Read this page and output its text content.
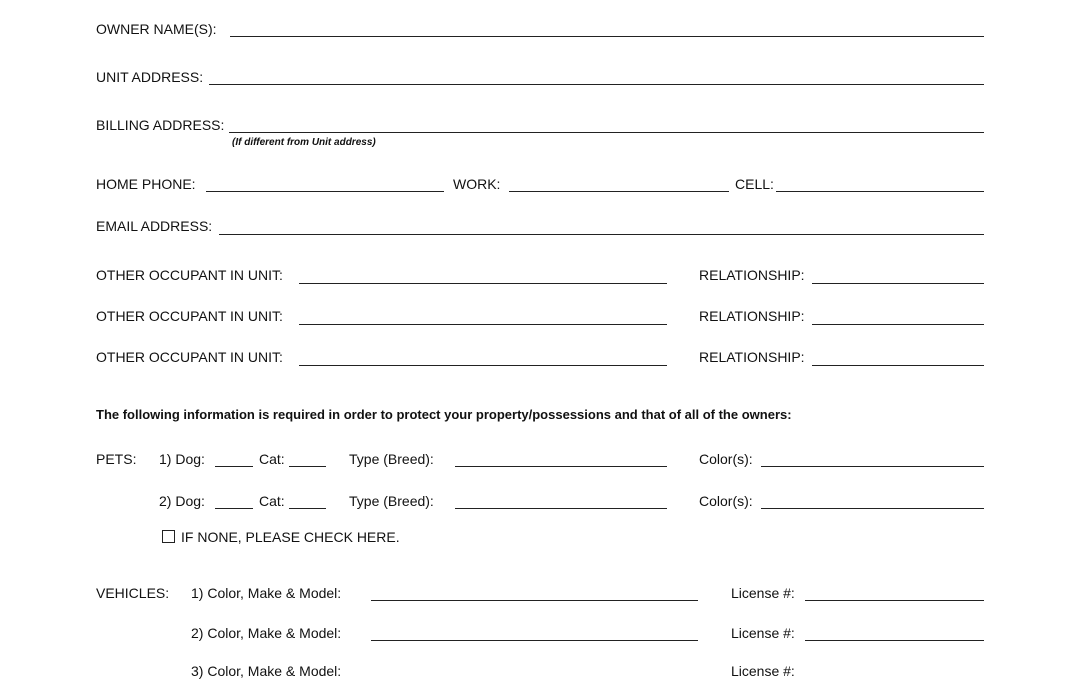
OWNER NAME(S):
UNIT ADDRESS:
BILLING ADDRESS:
(If different from Unit address)
HOME PHONE:	WORK:	CELL:
EMAIL ADDRESS:
OTHER OCCUPANT IN UNIT:	RELATIONSHIP:
OTHER OCCUPANT IN UNIT:	RELATIONSHIP:
OTHER OCCUPANT IN UNIT:	RELATIONSHIP:
The following information is required in order to protect your property/possessions and that of all of the owners:
PETS: 1) Dog:	Cat:	Type (Breed):	Color(s):
2) Dog:	Cat:	Type (Breed):	Color(s):
IF NONE, PLEASE CHECK HERE.
VEHICLES: 1) Color, Make & Model:	License #:
2) Color, Make & Model:	License #:
3) Color, Make & Model:	License #:
